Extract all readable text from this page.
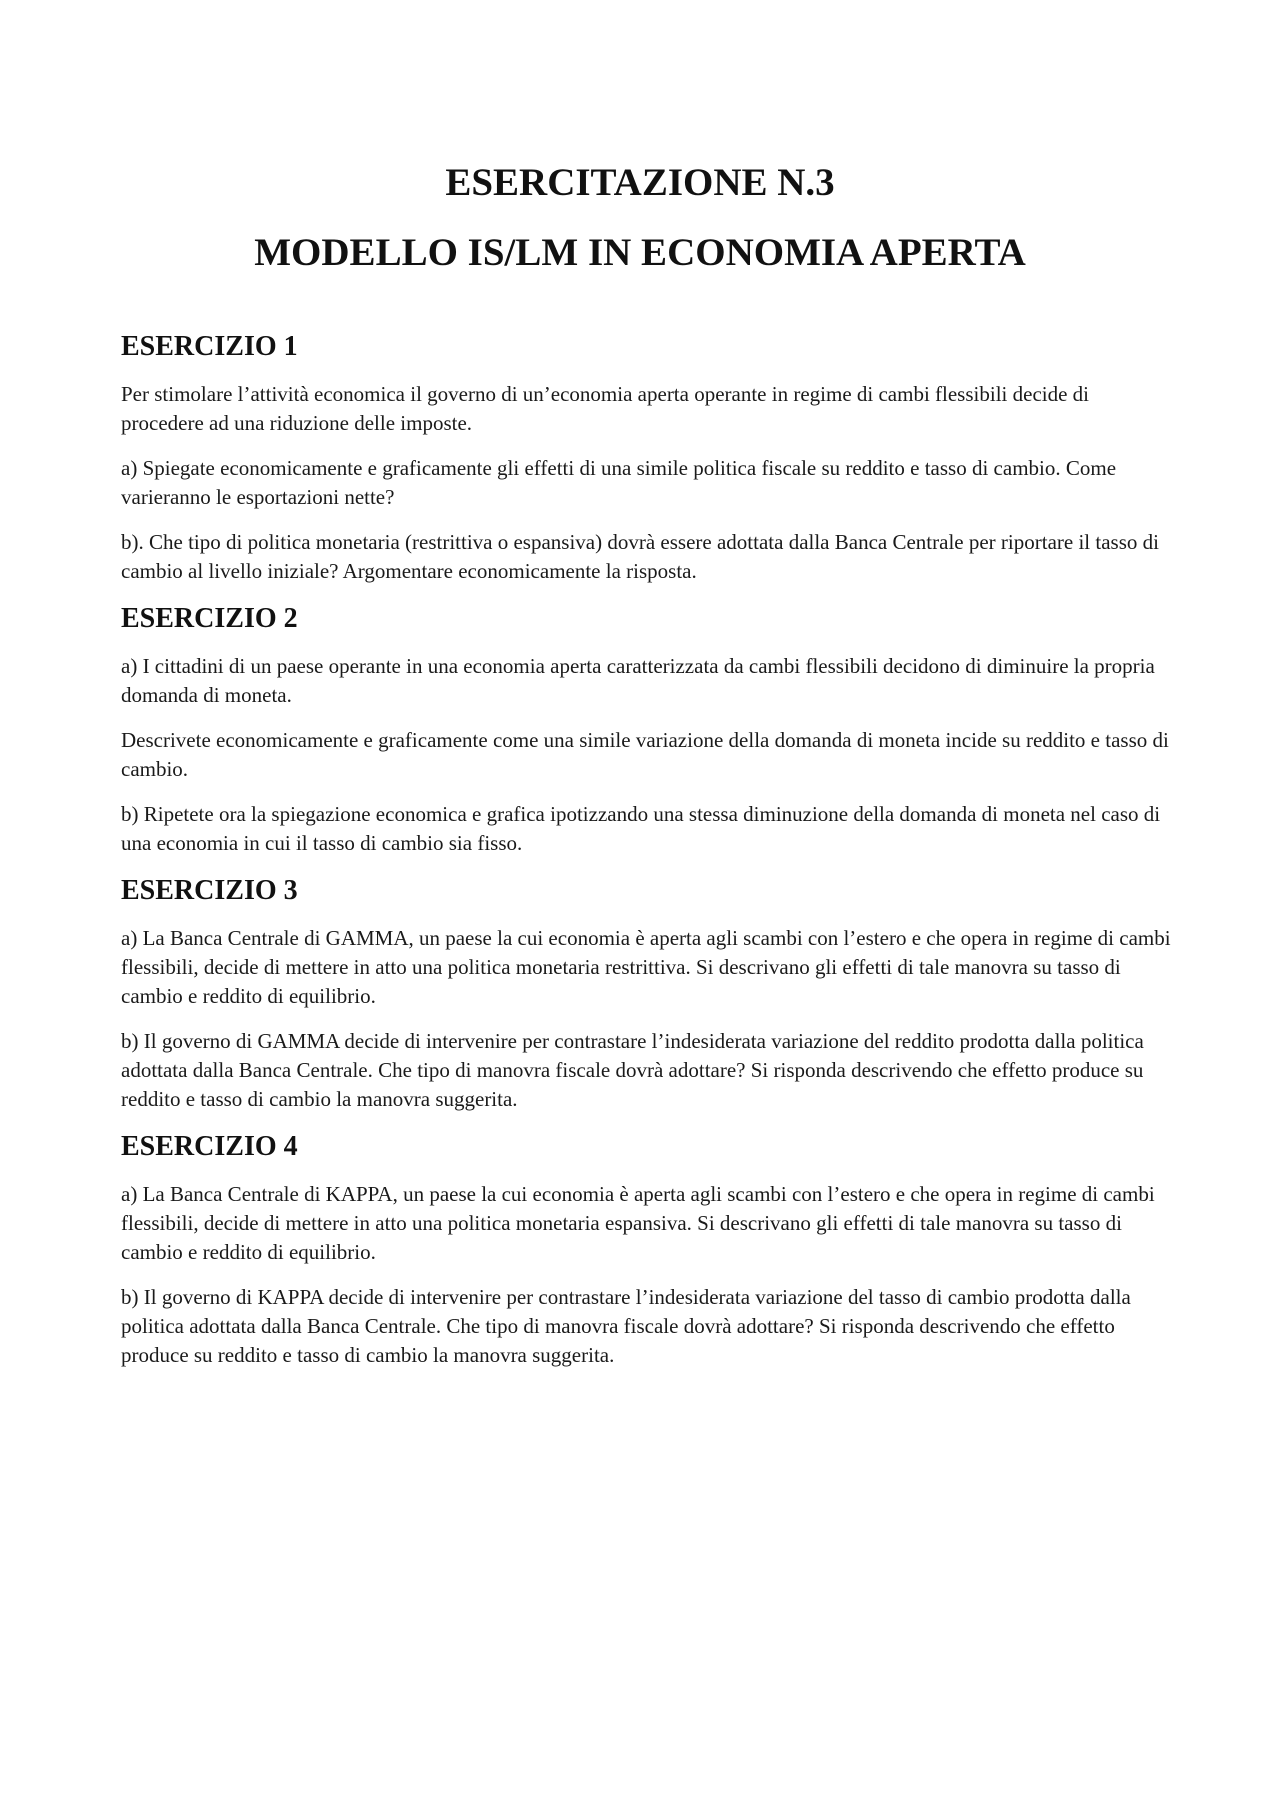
ESERCITAZIONE N.3

MODELLO IS/LM IN ECONOMIA APERTA

ESERCIZIO 1

Per stimolare l’attività economica il governo di un’economia aperta operante in regime di cambi flessibili decide di procedere ad una riduzione delle imposte.

a) Spiegate economicamente e graficamente gli effetti di una simile politica fiscale su reddito e tasso di cambio. Come varieranno le esportazioni nette?

b). Che tipo di politica monetaria (restrittiva o espansiva) dovrà essere adottata dalla Banca Centrale per riportare il tasso di cambio al livello iniziale? Argomentare economicamente la risposta.

ESERCIZIO 2

a) I cittadini di un paese operante in una economia aperta caratterizzata da cambi flessibili decidono di diminuire la propria domanda di moneta.

Descrivete economicamente e graficamente come una simile variazione della domanda di moneta incide su reddito e tasso di cambio.

b) Ripetete ora la spiegazione economica e grafica ipotizzando una stessa diminuzione della domanda di moneta nel caso di una economia in cui il tasso di cambio sia fisso.

ESERCIZIO 3

a) La Banca Centrale di GAMMA, un paese la cui economia è aperta agli scambi con l’estero e che opera in regime di cambi flessibili, decide di mettere in atto una politica monetaria restrittiva. Si descrivano gli effetti di tale manovra su tasso di cambio e reddito di equilibrio.

b) Il governo di GAMMA decide di intervenire per contrastare l’indesiderata variazione del reddito prodotta dalla politica adottata dalla Banca Centrale. Che tipo di manovra fiscale dovrà adottare? Si risponda descrivendo che effetto produce su reddito e tasso di cambio la manovra suggerita.

ESERCIZIO 4

a) La Banca Centrale di KAPPA, un paese la cui economia è aperta agli scambi con l’estero e che opera in regime di cambi flessibili, decide di mettere in atto una politica monetaria espansiva. Si descrivano gli effetti di tale manovra su tasso di cambio e reddito di equilibrio.

b) Il governo di KAPPA decide di intervenire per contrastare l’indesiderata variazione del tasso di cambio prodotta dalla politica adottata dalla Banca Centrale. Che tipo di manovra fiscale dovrà adottare? Si risponda descrivendo che effetto produce su reddito e tasso di cambio la manovra suggerita.
